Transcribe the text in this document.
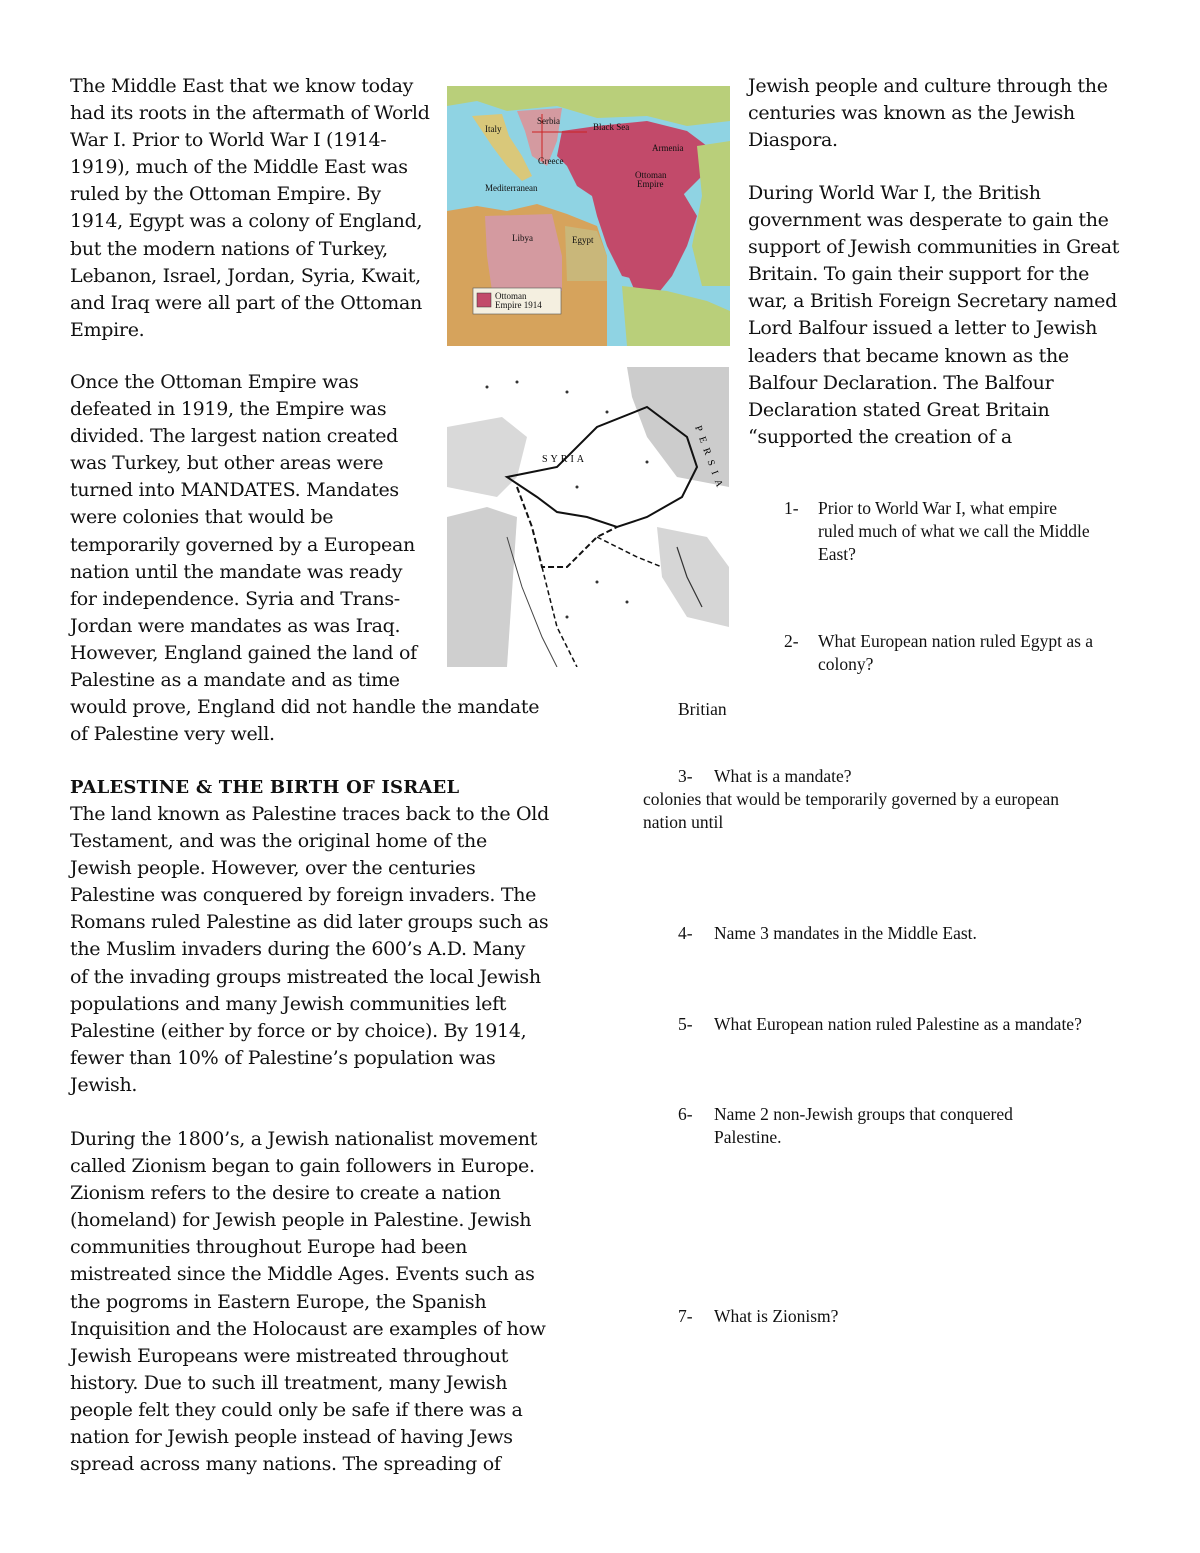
The Middle East that we know today
had its roots in the aftermath of World
War I. Prior to World War I (1914-
1919), much of the Middle East was
ruled by the Ottoman Empire. By
1914, Egypt was a colony of England,
but the modern nations of Turkey,
Lebanon, Israel, Jordan, Syria, Kwait,
and Iraq were all part of the Ottoman
Empire.

Once the Ottoman Empire was
defeated in 1919, the Empire was
divided. The largest nation created
was Turkey, but other areas were
turned into MANDATES. Mandates
were colonies that would be
temporarily governed by a European
nation until the mandate was ready
for independence. Syria and Trans-
Jordan were mandates as was Iraq.
However, England gained the land of
Palestine as a mandate and as time
would prove, England did not handle the mandate
of Palestine very well.

PALESTINE & THE BIRTH OF ISRAEL

The land known as Palestine traces back to the Old
Testament, and was the original home of the
Jewish people. However, over the centuries
Palestine was conquered by foreign invaders. The
Romans ruled Palestine as did later groups such as
the Muslim invaders during the 600’s A.D. Many
of the invading groups mistreated the local Jewish
populations and many Jewish communities left
Palestine (either by force or by choice). By 1914,
fewer than 10% of Palestine’s population was
Jewish.

During the 1800’s, a Jewish nationalist movement
called Zionism began to gain followers in Europe.
Zionism refers to the desire to create a nation
(homeland) for Jewish people in Palestine. Jewish
communities throughout Europe had been
mistreated since the Middle Ages. Events such as
the pogroms in Eastern Europe, the Spanish
Inquisition and the Holocaust are examples of how
Jewish Europeans were mistreated throughout
history. Due to such ill treatment, many Jewish
people felt they could only be safe if there was a
nation for Jewish people instead of having Jews
spread across many nations. The spreading of

Italy
Serbia
Black Sea
Greece
Armenia
Ottoman Empire
Mediterranean
Libya	Egypt
Ottoman Empire 1914
SYRIA	PERSIA

Jewish people and culture through the
centuries was known as the Jewish
Diaspora.

During World War I, the British
government was desperate to gain the
support of Jewish communities in Great
Britain. To gain their support for the
war, a British Foreign Secretary named
Lord Balfour issued a letter to Jewish
leaders that became known as the
Balfour Declaration. The Balfour
Declaration stated Great Britain
“supported the creation of a

1- Prior to World War I, what empire
ruled much of what we call the Middle
East?
2- What European nation ruled Egypt as a
colony?

Britian

3- What is a mandate?

colonies that would be temporarily governed by a european
nation until

4- Name 3 mandates in the Middle East.
5- What European nation ruled Palestine as a mandate?
6- Name 2 non-Jewish groups that conquered
Palestine.
7- What is Zionism?
